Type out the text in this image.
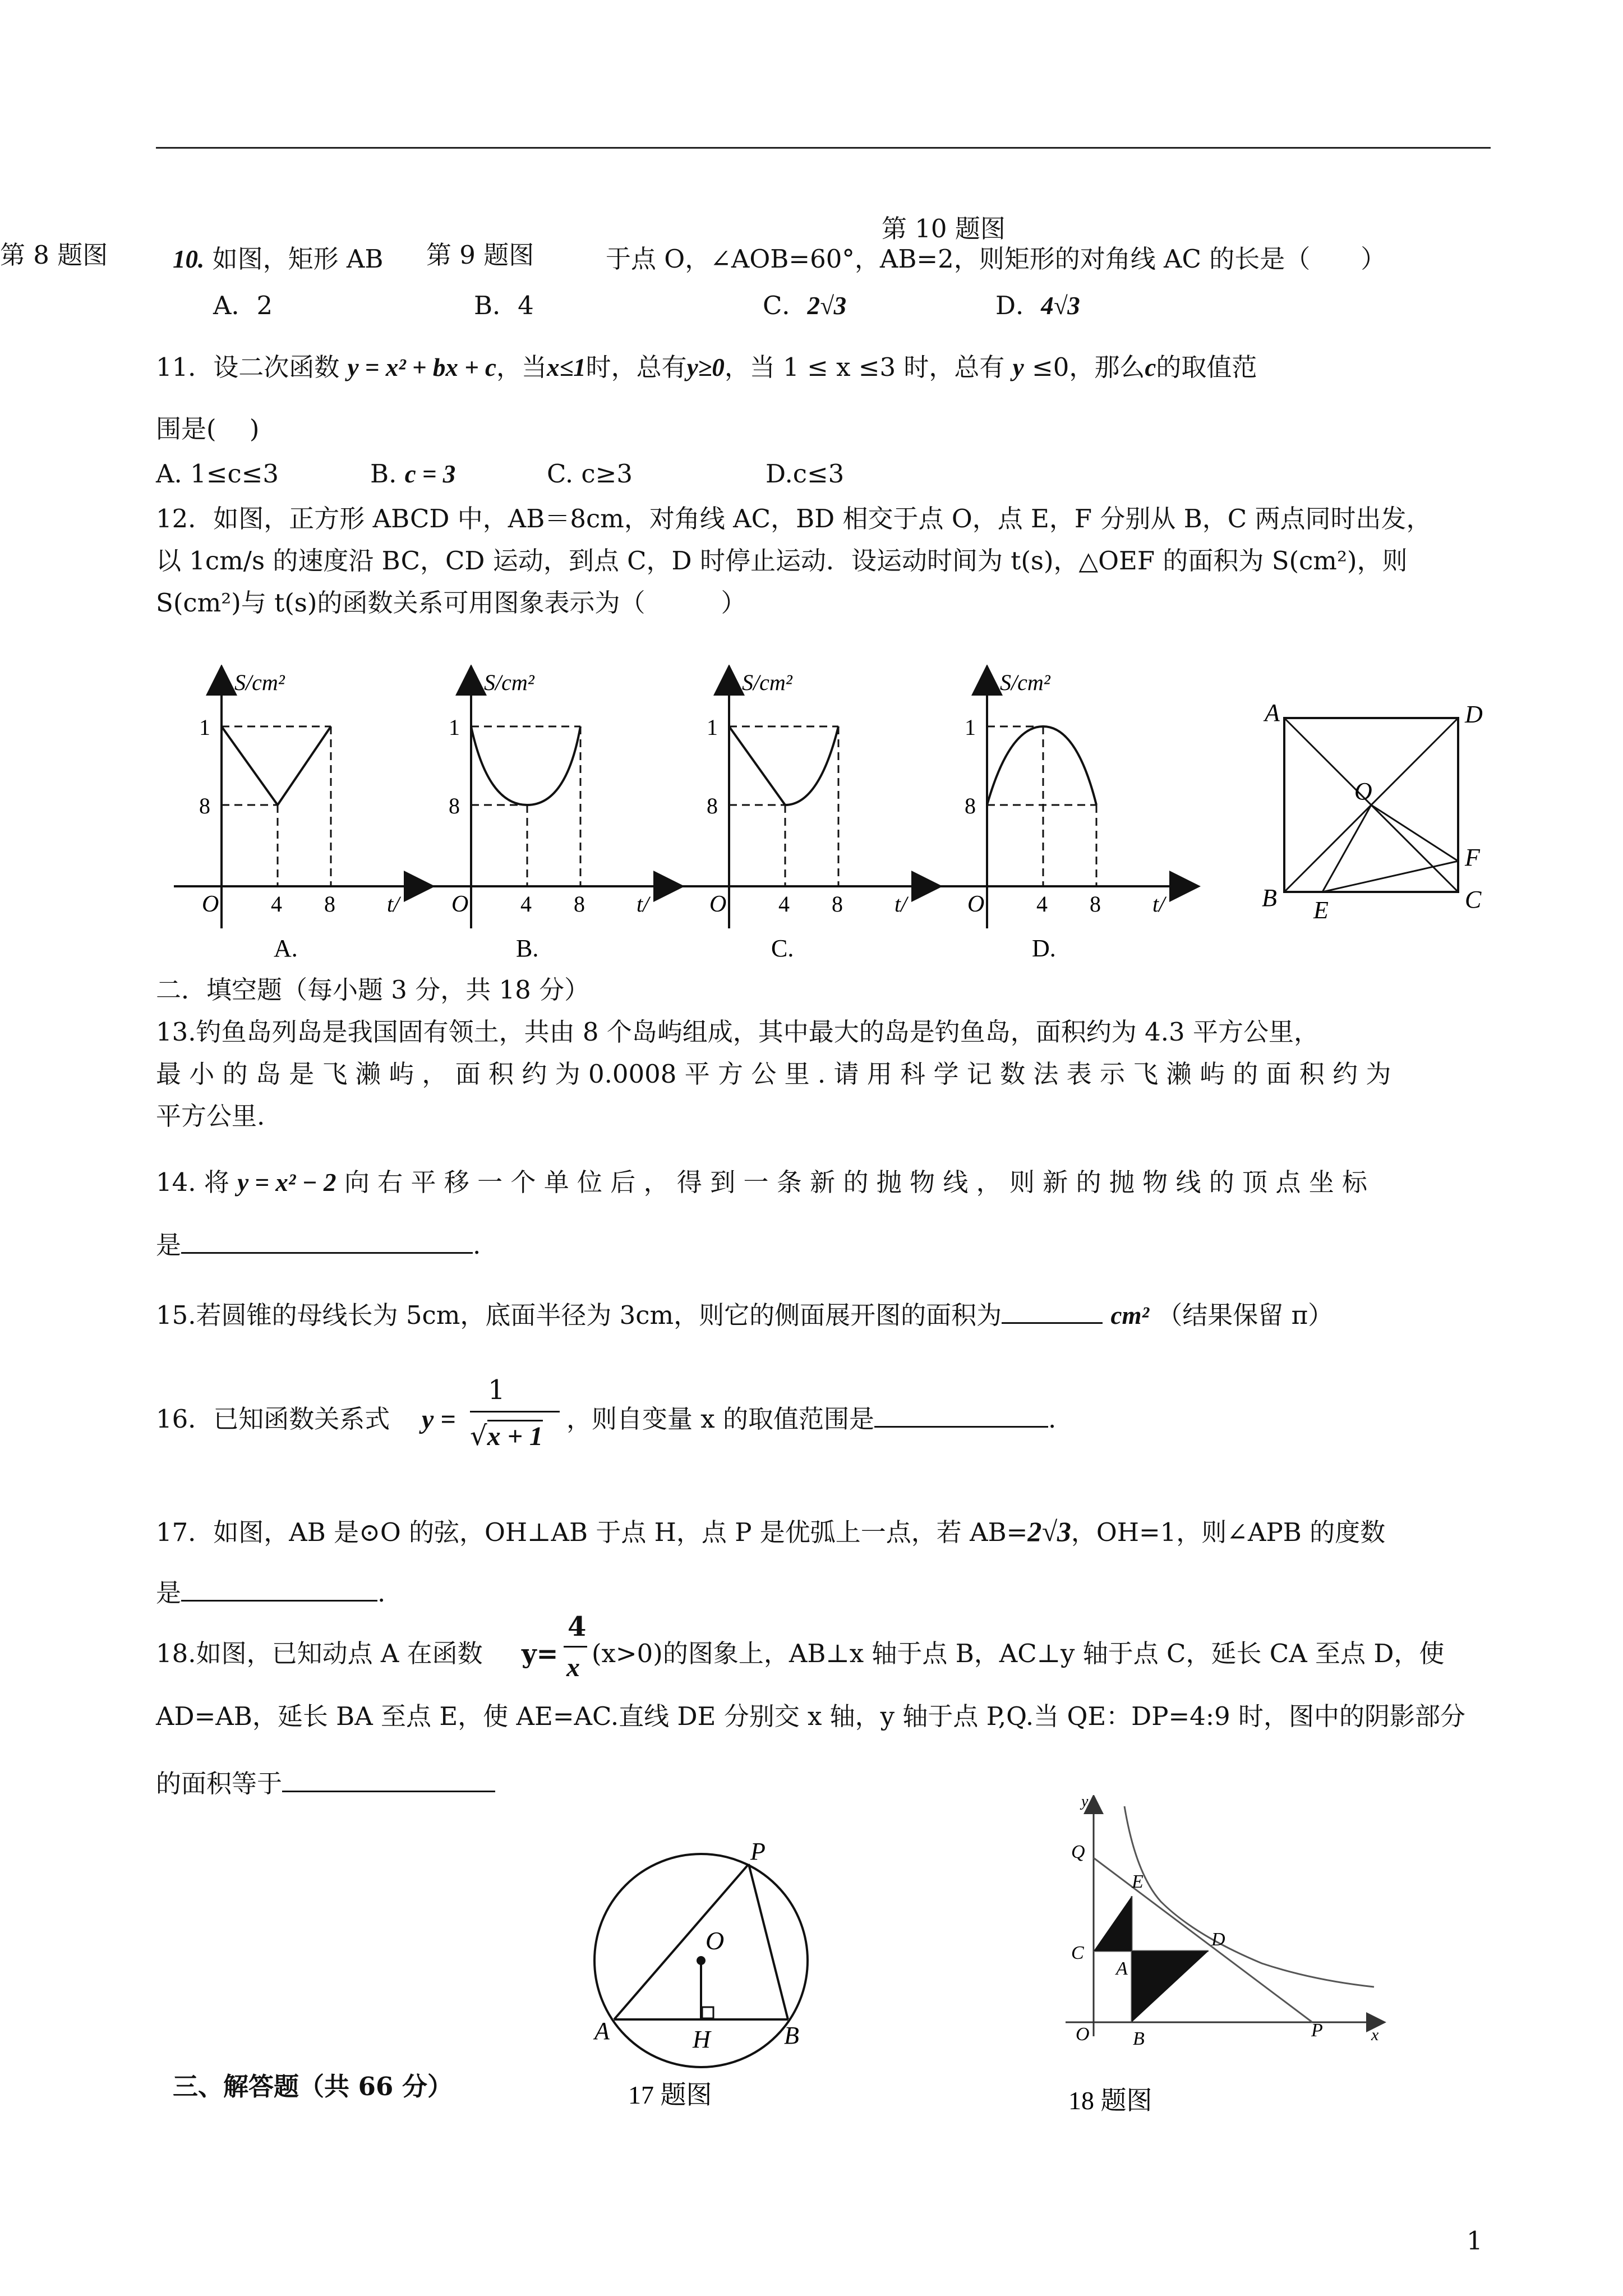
第 10 题图
第 8 题图	10. 如图，矩形 AB 第 9 题图	于点 O，∠AOB=60°，AB=2，则矩形的对角线 AC 的长是（　　）
A．2	B．4	C．2√3	D．4√3
11．设二次函数 y = x² + bx + c，当x≤1时，总有y≥0，当 1 ≤ x ≤3 时，总有 y ≤0，那么c的取值范
围是(　 )
A. 1≤c≤3	B. c = 3	C. c≥3	D.c≤3
12．如图，正方形 ABCD 中，AB＝8cm，对角线 AC，BD 相交于点 O，点 E，F 分别从 B，C 两点同时出发，
以 1cm/s 的速度沿 BC，CD 运动，到点 C，D 时停止运动．设运动时间为 t(s)，△OEF 的面积为 S(cm²)，则
S(cm²)与 t(s)的函数关系可用图象表示为（　　　）
S/cm²
1
8
O 4 8 t/
A.
S/cm²
1
8
O 4 8 t/
B.
S/cm²
1
8
O 4 8 t/
C.
S/cm²
1
8
O 4 8 t/
D.
A	D
O
F
B E	C
二．填空题（每小题 3 分，共 18 分）
13.钓鱼岛列岛是我国固有领土，共由 8 个岛屿组成，其中最大的岛是钓鱼岛，面积约为 4.3 平方公里，
最 小 的 岛 是 飞 濑 屿 ， 面 积 约 为 0.0008 平 方 公 里 . 请 用 科 学 记 数 法 表 示 飞 濑 屿 的 面 积 约 为
平方公里.
14. 将 y = x² − 2 向 右 平 移 一 个 单 位 后 ， 得 到 一 条 新 的 抛 物 线 ， 则 新 的 抛 物 线 的 顶 点 坐 标
是	.
15.若圆锥的母线长为 5cm，底面半径为 3cm，则它的侧面展开图的面积为	cm² （结果保留 π）
16．已知函数关系式 y =
1
√x + 1
，则自变量 x 的取值范围是	.
17．如图，AB 是⊙O 的弦，OH⊥AB 于点 H，点 P 是优弧上一点，若 AB=2√3，OH=1，则∠APB 的度数
是	.
18.如图，已知动点 A 在函数 y=
4
x (x>0)的图象上，AB⊥x 轴于点 B，AC⊥y 轴于点 C，延长 CA 至点 D，使
AD=AB，延长 BA 至点 E，使 AE=AC.直线 DE 分别交 x 轴，y 轴于点 P,Q.当 QE：DP=4:9 时，图中的阴影部分
的面积等于
P
O
A	H	B
17 题图
y
Q
E
C
D
A
O B	P	x
18 题图
三、解答题（共 66 分）
1
